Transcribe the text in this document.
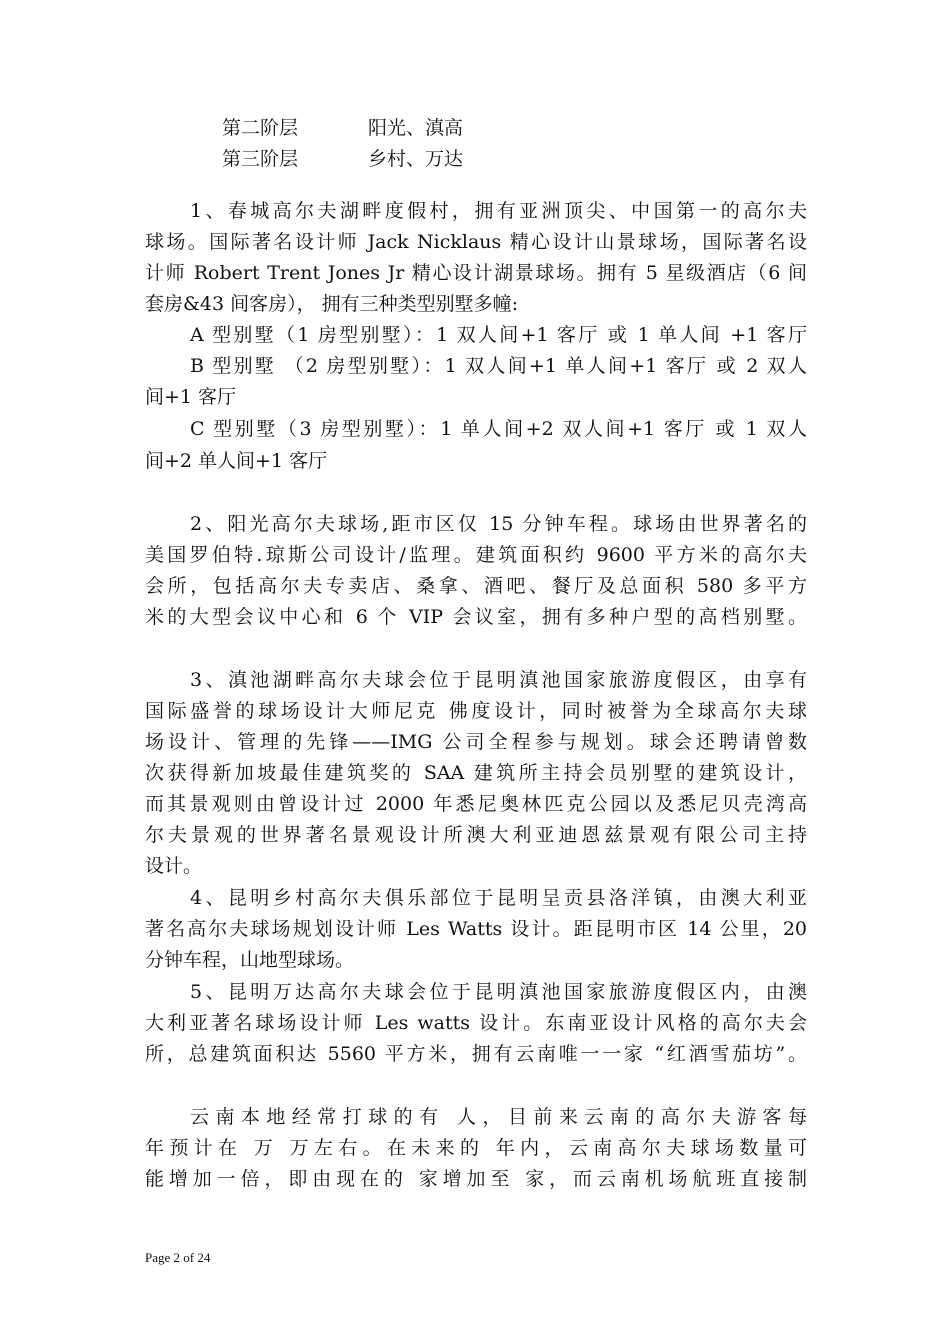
第二阶层	阳光、滇高
第三阶层	乡村、万达
1、春城高尔夫湖畔度假村，拥有亚洲顶尖、中国第一的高尔夫
球场。国际著名设计师 Jack Nicklaus 精心设计山景球场，国际著名设
计师 Robert Trent Jones Jr 精心设计湖景球场。拥有 5 星级酒店（6 间
套房&43 间客房）， 拥有三种类型别墅多幢:
A 型别墅（1 房型别墅）：1 双人间+1 客厅 或 1 单人间 +1 客厅
B 型别墅 （2 房型别墅）：1 双人间+1 单人间+1 客厅 或 2 双人
间+1 客厅
C 型别墅（3 房型别墅）：1 单人间+2 双人间+1 客厅 或 1 双人
间+2 单人间+1 客厅
2、阳光高尔夫球场,距市区仅 15 分钟车程。球场由世界著名的
美国罗伯特.琼斯公司设计/监理。建筑面积约 9600 平方米的高尔夫
会所，包括高尔夫专卖店、桑拿、酒吧、餐厅及总面积 580 多平方
米的大型会议中心和 6 个 VIP 会议室，拥有多种户型的高档别墅。
3、滇池湖畔高尔夫球会位于昆明滇池国家旅游度假区，由享有
国际盛誉的球场设计大师尼克 佛度设计，同时被誉为全球高尔夫球
场设计、管理的先锋——IMG 公司全程参与规划。球会还聘请曾数
次获得新加坡最佳建筑奖的 SAA 建筑所主持会员别墅的建筑设计，
而其景观则由曾设计过 2000 年悉尼奥林匹克公园以及悉尼贝壳湾高
尔夫景观的世界著名景观设计所澳大利亚迪恩兹景观有限公司主持
设计。
4、昆明乡村高尔夫俱乐部位于昆明呈贡县洛洋镇，由澳大利亚
著名高尔夫球场规划设计师 Les Watts 设计。距昆明市区 14 公里，20
分钟车程，山地型球场。
5、昆明万达高尔夫球会位于昆明滇池国家旅游度假区内，由澳
大利亚著名球场设计师 Les watts 设计。东南亚设计风格的高尔夫会
所，总建筑面积达 5560 平方米，拥有云南唯一一家 “红酒雪茄坊”。
云南本地经常打球的有 人，目前来云南的高尔夫游客每
年预计在 万 万左右。在未来的 年内，云南高尔夫球场数量可
能增加一倍，即由现在的 家增加至 家，而云南机场航班直接制
Page 2 of 24
